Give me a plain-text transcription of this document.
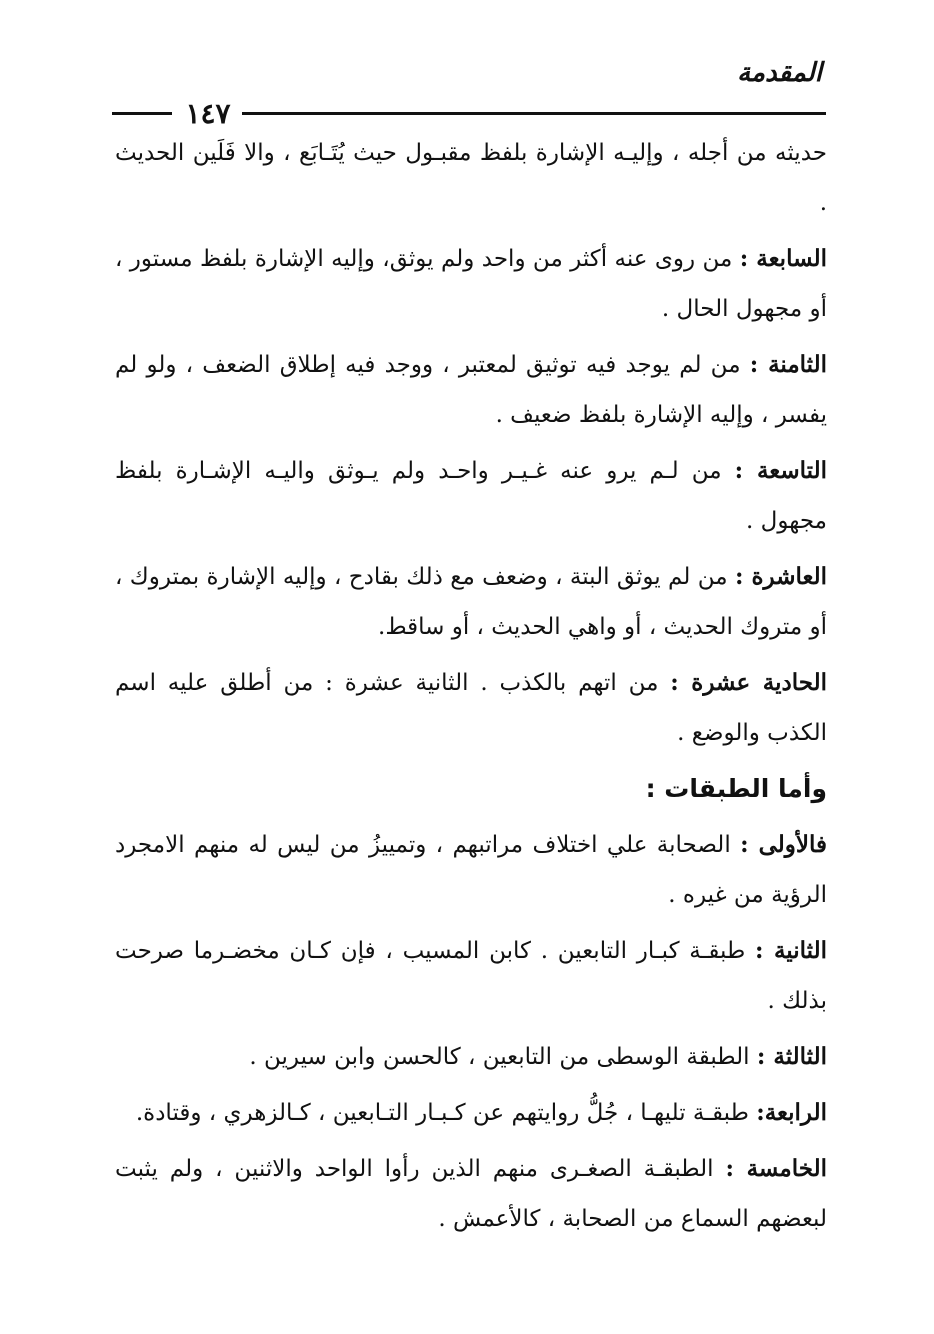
المقدمة
١٤٧

حديثه من أجله ، وإليـه الإشارة بلفظ مقبـول حيث يُتَـابَع ، والا فَلَين الحديث .

السابعة : من روى عنه أكثر من واحد ولم يوثق، وإليه الإشارة بلفظ مستور ، أو مجهول الحال .

الثامنة : من لم يوجد فيه توثيق لمعتبر ، ووجد فيه إطلاق الضعف ، ولو لم يفسر ، وإليه الإشارة بلفظ ضعيف .

التاسعة : من لـم يرو عنه غـيـر واحـد ولم يـوثق واليـه الإشـارة بلفظ مجهول .

العاشرة : من لم يوثق البتة ، وضعف مع ذلك بقادح ، وإليه الإشارة بمتروك ، أو متروك الحديث ، أو واهي الحديث ، أو ساقط.

الحادية عشرة : من اتهم بالكذب . الثانية عشرة : من أطلق عليه اسم الكذب والوضع .

وأما الطبقات :

فالأولى : الصحابة علي اختلاف مراتبهم ، وتمييزُ من ليس له منهم الامجرد الرؤية من غيره .

الثانية : طبقـة كبـار التابعين . كابن المسيب ، فإن كـان مخضـرما صرحت بذلك .

الثالثة : الطبقة الوسطى من التابعين ، كالحسن وابن سيرين .

الرابعة: طبقـة تليهـا ، جُلُّ روايتهم عن كـبـار التـابعين ، كـالزهري ، وقتادة.

الخامسة : الطبقـة الصغـرى منهم الذين رأوا الواحد والاثنين ، ولم يثبت لبعضهم السماع من الصحابة ، كالأعمش .
